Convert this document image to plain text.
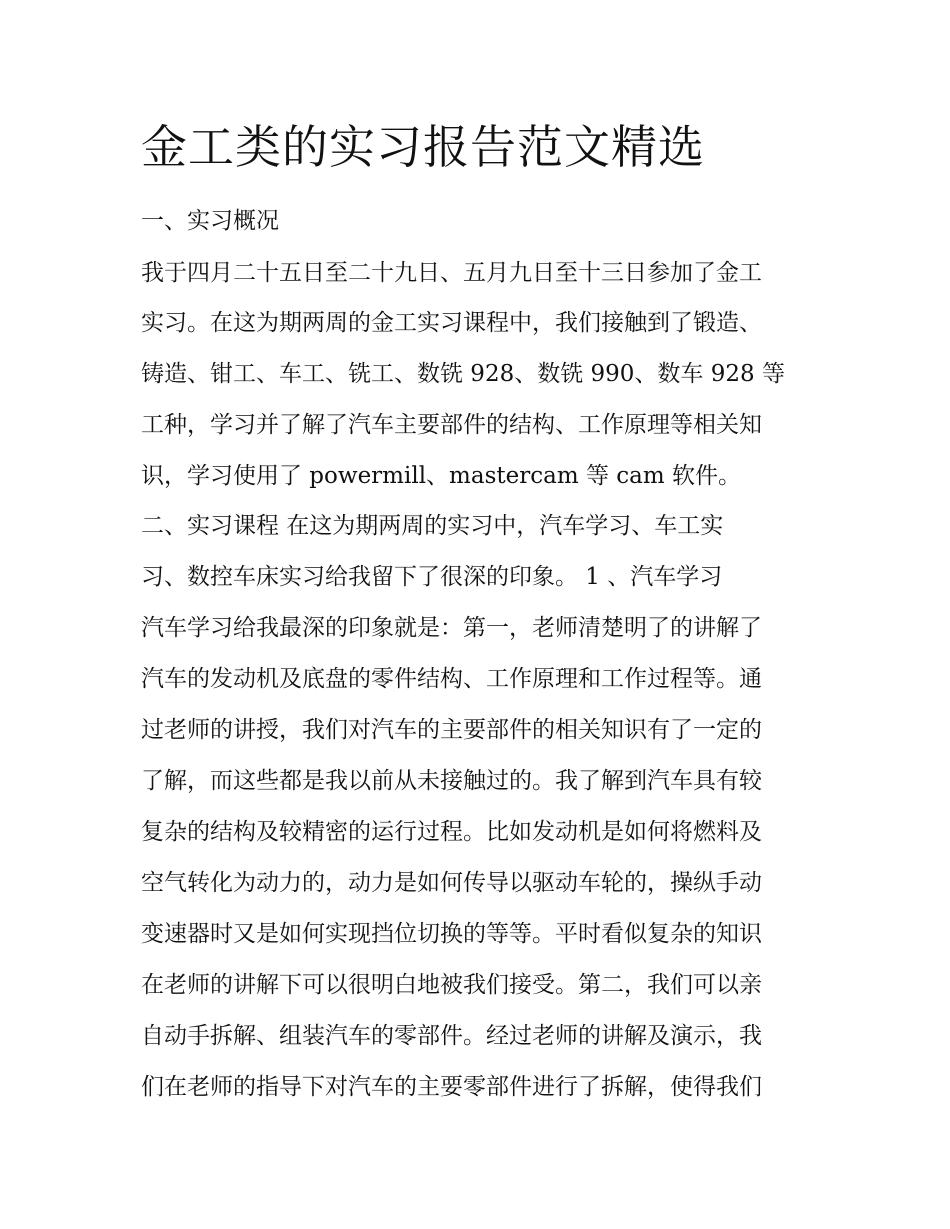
金工类的实习报告范文精选

一、实习概况

我于四月二十五日至二十九日、五月九日至十三日参加了金工

实习。在这为期两周的金工实习课程中，我们接触到了锻造、

铸造、钳工、车工、铣工、数铣 928、数铣 990、数车 928 等

工种，学习并了解了汽车主要部件的结构、工作原理等相关知

识，学习使用了 powermill、mastercam 等 cam 软件。

二、实习课程 在这为期两周的实习中，汽车学习、车工实

习、数控车床实习给我留下了很深的印象。 1 、汽车学习

汽车学习给我最深的印象就是：第一，老师清楚明了的讲解了

汽车的发动机及底盘的零件结构、工作原理和工作过程等。通

过老师的讲授，我们对汽车的主要部件的相关知识有了一定的

了解，而这些都是我以前从未接触过的。我了解到汽车具有较

复杂的结构及较精密的运行过程。比如发动机是如何将燃料及

空气转化为动力的，动力是如何传导以驱动车轮的，操纵手动

变速器时又是如何实现挡位切换的等等。平时看似复杂的知识

在老师的讲解下可以很明白地被我们接受。第二，我们可以亲

自动手拆解、组装汽车的零部件。经过老师的讲解及演示，我

们在老师的指导下对汽车的主要零部件进行了拆解，使得我们
